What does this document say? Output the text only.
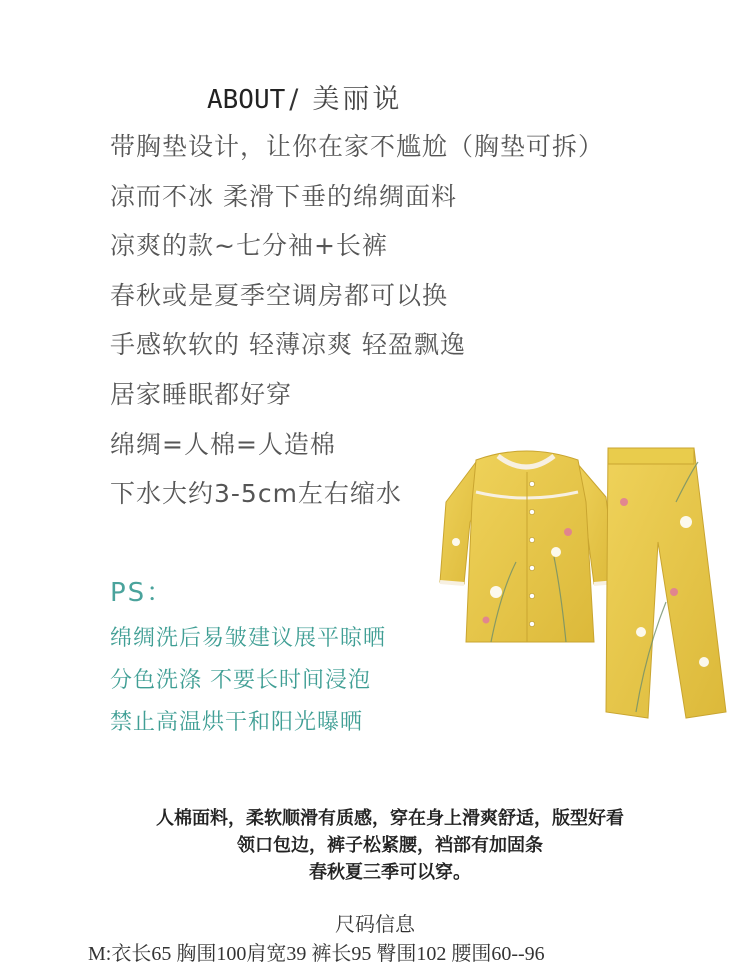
ABOUT / 美丽说
带胸垫设计，让你在家不尴尬（胸垫可拆）
凉而不冰 柔滑下垂的绵绸面料
凉爽的款~七分袖+长裤
春秋或是夏季空调房都可以换
手感软软的 轻薄凉爽 轻盈飘逸
居家睡眠都好穿
绵绸=人棉=人造棉
下水大约3-5cm左右缩水
PS：
绵绸洗后易皱建议展平晾晒
分色洗涤 不要长时间浸泡
禁止高温烘干和阳光曝晒
人棉面料，柔软顺滑有质感，穿在身上滑爽舒适，版型好看
领口包边，裤子松紧腰，裆部有加固条
春秋夏三季可以穿。
尺码信息
M:衣长65 胸围100肩宽39 裤长95 臀围102 腰围60--96
